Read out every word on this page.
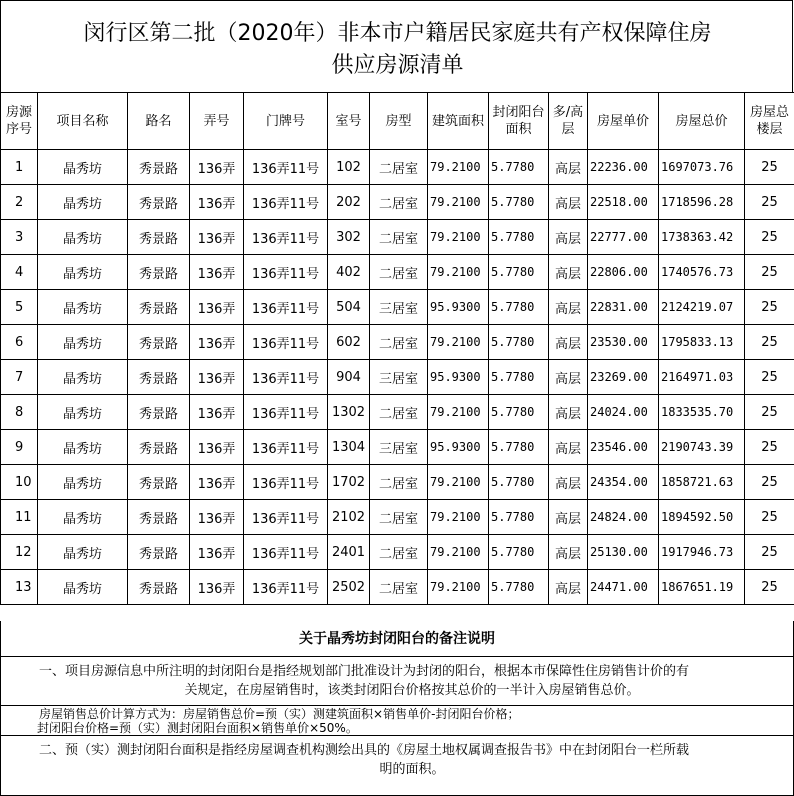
闵行区第二批（2020年）非本市户籍居民家庭共有产权保障住房
供应房源清单
房源序号	项目名称	路名	弄号	门牌号	室号	房型	建筑面积	封闭阳台面积	多/高层	房屋单价	房屋总价	房屋总楼层
1	晶秀坊	秀景路	136弄	136弄11号	102	二居室	79.2100	5.7780	高层	22236.00	1697073.76	25
2	晶秀坊	秀景路	136弄	136弄11号	202	二居室	79.2100	5.7780	高层	22518.00	1718596.28	25
3	晶秀坊	秀景路	136弄	136弄11号	302	二居室	79.2100	5.7780	高层	22777.00	1738363.42	25
4	晶秀坊	秀景路	136弄	136弄11号	402	二居室	79.2100	5.7780	高层	22806.00	1740576.73	25
5	晶秀坊	秀景路	136弄	136弄11号	504	三居室	95.9300	5.7780	高层	22831.00	2124219.07	25
6	晶秀坊	秀景路	136弄	136弄11号	602	二居室	79.2100	5.7780	高层	23530.00	1795833.13	25
7	晶秀坊	秀景路	136弄	136弄11号	904	三居室	95.9300	5.7780	高层	23269.00	2164971.03	25
8	晶秀坊	秀景路	136弄	136弄11号	1302	二居室	79.2100	5.7780	高层	24024.00	1833535.70	25
9	晶秀坊	秀景路	136弄	136弄11号	1304	三居室	95.9300	5.7780	高层	23546.00	2190743.39	25
10	晶秀坊	秀景路	136弄	136弄11号	1702	二居室	79.2100	5.7780	高层	24354.00	1858721.63	25
11	晶秀坊	秀景路	136弄	136弄11号	2102	二居室	79.2100	5.7780	高层	24824.00	1894592.50	25
12	晶秀坊	秀景路	136弄	136弄11号	2401	二居室	79.2100	5.7780	高层	25130.00	1917946.73	25
13	晶秀坊	秀景路	136弄	136弄11号	2502	二居室	79.2100	5.7780	高层	24471.00	1867651.19	25
关于晶秀坊封闭阳台的备注说明
一、项目房源信息中所注明的封闭阳台是指经规划部门批准设计为封闭的阳台，根据本市保障性住房销售计价的有
关规定，在房屋销售时，该类封闭阳台价格按其总价的一半计入房屋销售总价。
房屋销售总价计算方式为：房屋销售总价=预（实）测建筑面积×销售单价-封闭阳台价格；
封闭阳台价格=预（实）测封闭阳台面积×销售单价×50%。
二、预（实）测封闭阳台面积是指经房屋调查机构测绘出具的《房屋土地权属调查报告书》中在封闭阳台一栏所载
明的面积。
